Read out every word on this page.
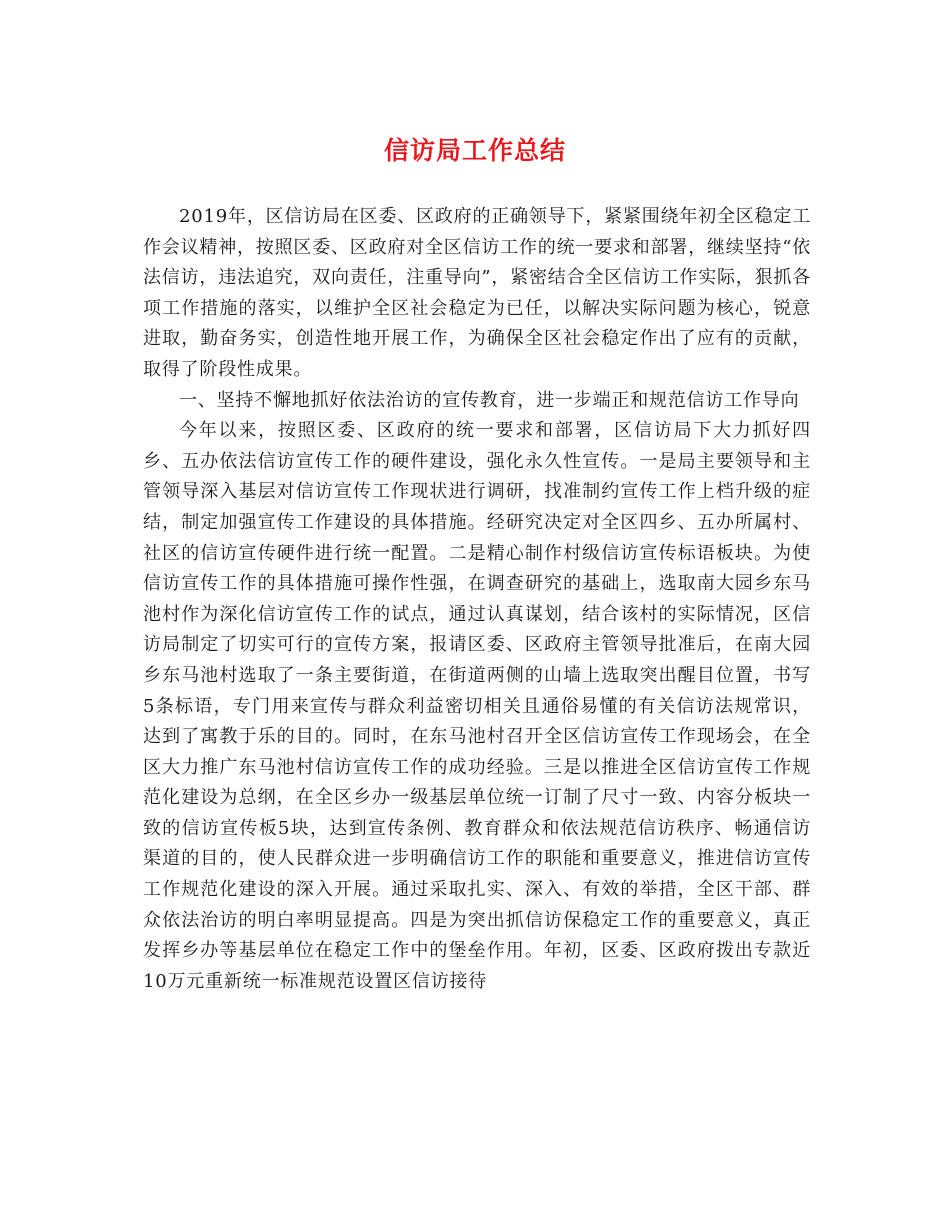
信访局工作总结

2019年，区信访局在区委、区政府的正确领导下，紧紧围绕年初全区稳定工作会议精神，按照区委、区政府对全区信访工作的统一要求和部署，继续坚持“依法信访，违法追究，双向责任，注重导向”，紧密结合全区信访工作实际，狠抓各项工作措施的落实，以维护全区社会稳定为已任，以解决实际问题为核心，锐意进取，勤奋务实，创造性地开展工作，为确保全区社会稳定作出了应有的贡献，取得了阶段性成果。

一、坚持不懈地抓好依法治访的宣传教育，进一步端正和规范信访工作导向

今年以来，按照区委、区政府的统一要求和部署，区信访局下大力抓好四乡、五办依法信访宣传工作的硬件建设，强化永久性宣传。一是局主要领导和主管领导深入基层对信访宣传工作现状进行调研，找准制约宣传工作上档升级的症结，制定加强宣传工作建设的具体措施。经研究决定对全区四乡、五办所属村、社区的信访宣传硬件进行统一配置。二是精心制作村级信访宣传标语板块。为使信访宣传工作的具体措施可操作性强，在调查研究的基础上，选取南大园乡东马池村作为深化信访宣传工作的试点，通过认真谋划，结合该村的实际情况，区信访局制定了切实可行的宣传方案，报请区委、区政府主管领导批准后，在南大园乡东马池村选取了一条主要街道，在街道两侧的山墙上选取突出醒目位置，书写5条标语，专门用来宣传与群众利益密切相关且通俗易懂的有关信访法规常识，达到了寓教于乐的目的。同时，在东马池村召开全区信访宣传工作现场会，在全区大力推广东马池村信访宣传工作的成功经验。三是以推进全区信访宣传工作规范化建设为总纲，在全区乡办一级基层单位统一订制了尺寸一致、内容分板块一致的信访宣传板5块，达到宣传条例、教育群众和依法规范信访秩序、畅通信访渠道的目的，使人民群众进一步明确信访工作的职能和重要意义，推进信访宣传工作规范化建设的深入开展。通过采取扎实、深入、有效的举措，全区干部、群众依法治访的明白率明显提高。四是为突出抓信访保稳定工作的重要意义，真正发挥乡办等基层单位在稳定工作中的堡垒作用。年初，区委、区政府拨出专款近10万元重新统一标准规范设置区信访接待
